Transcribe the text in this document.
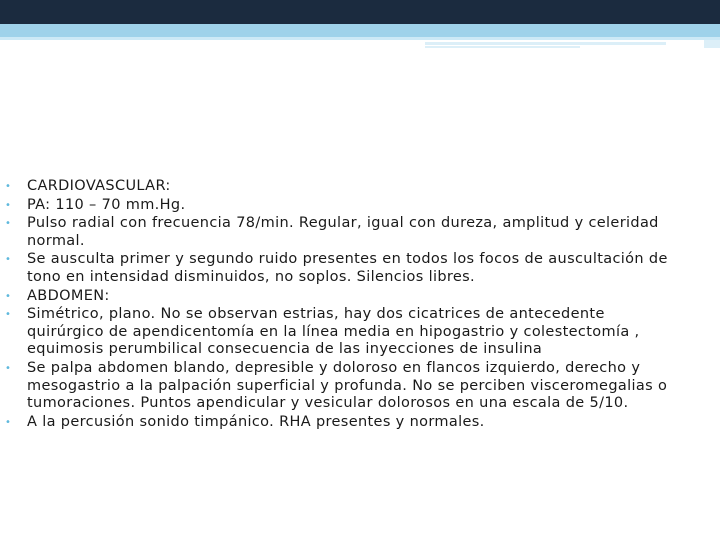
• CARDIOVASCULAR:
• PA: 110 – 70 mm.Hg.
• Pulso radial con frecuencia 78/min. Regular, igual con dureza, amplitud y celeridad normal.
• Se ausculta primer y segundo ruido presentes en todos los focos de auscultación de tono en intensidad disminuidos, no soplos. Silencios libres.
• ABDOMEN:
• Simétrico, plano. No se observan estrias, hay dos cicatrices de antecedente quirúrgico de apendicentomía en la línea media en hipogastrio y colestectomía , equimosis perumbilical consecuencia de las inyecciones de insulina
• Se palpa abdomen blando, depresible y doloroso en flancos izquierdo, derecho y mesogastrio a la palpación superficial y profunda. No se perciben visceromegalias o tumoraciones. Puntos apendicular y vesicular dolorosos en una escala de 5/10.
• A la percusión sonido timpánico. RHA presentes y normales.
